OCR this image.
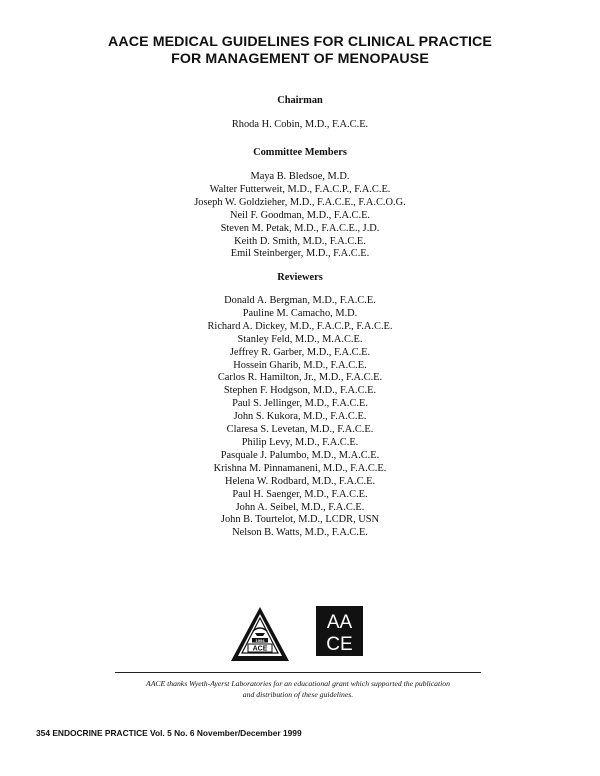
AACE MEDICAL GUIDELINES FOR CLINICAL PRACTICE
FOR MANAGEMENT OF MENOPAUSE
Chairman
Rhoda H. Cobin, M.D., F.A.C.E.
Committee Members
Maya B. Bledsoe, M.D.
Walter Futterweit, M.D., F.A.C.P., F.A.C.E.
Joseph W. Goldzieher, M.D., F.A.C.E., F.A.C.O.G.
Neil F. Goodman, M.D., F.A.C.E.
Steven M. Petak, M.D., F.A.C.E., J.D.
Keith D. Smith, M.D., F.A.C.E.
Emil Steinberger, M.D., F.A.C.E.
Reviewers
Donald A. Bergman, M.D., F.A.C.E.
Pauline M. Camacho, M.D.
Richard A. Dickey, M.D., F.A.C.P., F.A.C.E.
Stanley Feld, M.D., M.A.C.E.
Jeffrey R. Garber, M.D., F.A.C.E.
Hossein Gharib, M.D., F.A.C.E.
Carlos R. Hamilton, Jr., M.D., F.A.C.E.
Stephen F. Hodgson, M.D., F.A.C.E.
Paul S. Jellinger, M.D., F.A.C.E.
John S. Kukora, M.D., F.A.C.E.
Claresa S. Levetan, M.D., F.A.C.E.
Philip Levy, M.D., F.A.C.E.
Pasquale J. Palumbo, M.D., M.A.C.E.
Krishna M. Pinnamaneni, M.D., F.A.C.E.
Helena W. Rodbard, M.D., F.A.C.E.
Paul H. Saenger, M.D., F.A.C.E.
John A. Seibel, M.D., F.A.C.E.
John B. Tourtelot, M.D., LCDR, USN
Nelson B. Watts, M.D., F.A.C.E.
1994
ACE
AA
CE
AACE thanks Wyeth-Ayerst Laboratories for an educational grant which supported the publication
and distribution of these guidelines.
354 ENDOCRINE PRACTICE Vol. 5 No. 6 November/December 1999
